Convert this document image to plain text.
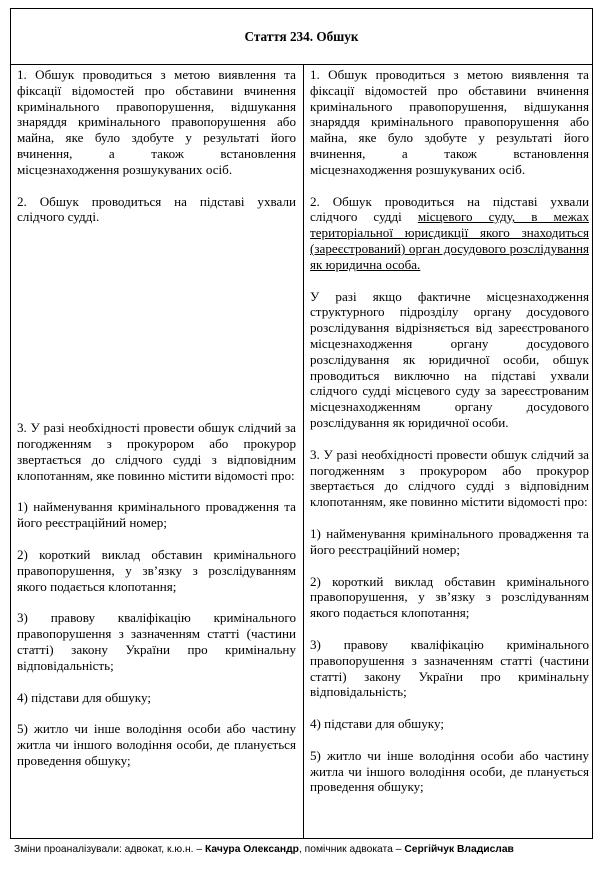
Стаття 234. Обшук

1. Обшук проводиться з метою виявлення та фіксації відомостей про обставини вчинення кримінального правопорушення, відшукання знаряддя кримінального правопорушення або майна, яке було здобуте у результаті його вчинення, а також встановлення місцезнаходження розшукуваних осіб.

2. Обшук проводиться на підставі ухвали слідчого судді.

3. У разі необхідності провести обшук слідчий за погодженням з прокурором або прокурор звертається до слідчого судді з відповідним клопотанням, яке повинно містити відомості про:

1) найменування кримінального провадження та його реєстраційний номер;

2) короткий виклад обставин кримінального правопорушення, у зв’язку з розслідуванням якого подається клопотання;

3) правову кваліфікацію кримінального правопорушення з зазначенням статті (частини статті) закону України про кримінальну відповідальність;

4) підстави для обшуку;

5) житло чи інше володіння особи або частину житла чи іншого володіння особи, де планується проведення обшуку;

1. Обшук проводиться з метою виявлення та фіксації відомостей про обставини вчинення кримінального правопорушення, відшукання знаряддя кримінального правопорушення або майна, яке було здобуте у результаті його вчинення, а також встановлення місцезнаходження розшукуваних осіб.

2. Обшук проводиться на підставі ухвали слідчого судді місцевого суду, в межах територіальної юрисдикції якого знаходиться (зареєстрований) орган досудового розслідування як юридична особа.

У разі якщо фактичне місцезнаходження структурного підрозділу органу досудового розслідування відрізняється від зареєстрованого місцезнаходження органу досудового розслідування як юридичної особи, обшук проводиться виключно на підставі ухвали слідчого судді місцевого суду за зареєстрованим місцезнаходженням органу досудового розслідування як юридичної особи.

3. У разі необхідності провести обшук слідчий за погодженням з прокурором або прокурор звертається до слідчого судді з відповідним клопотанням, яке повинно містити відомості про:

1) найменування кримінального провадження та його реєстраційний номер;

2) короткий виклад обставин кримінального правопорушення, у зв’язку з розслідуванням якого подається клопотання;

3) правову кваліфікацію кримінального правопорушення з зазначенням статті (частини статті) закону України про кримінальну відповідальність;

4) підстави для обшуку;

5) житло чи інше володіння особи або частину житла чи іншого володіння особи, де планується проведення обшуку;

Зміни проаналізували: адвокат, к.ю.н. – Качура Олександр, помічник адвоката – Сергійчук Владислав
